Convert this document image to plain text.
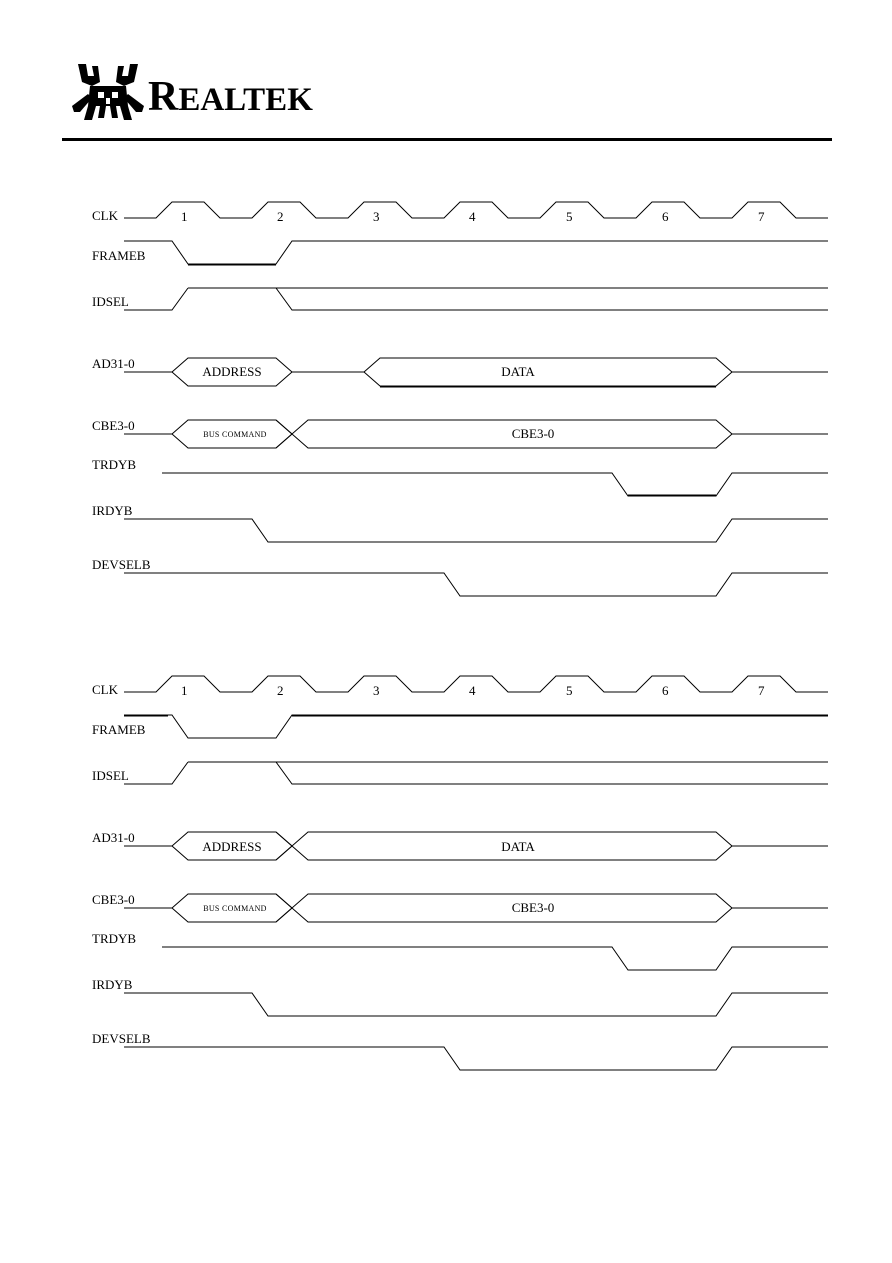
REALTEK
CLK
FRAMEB
IDSEL
AD31-0
CBE3-0
TRDYB
IRDYB
DEVSELB
1	2	3	4	5	6	7
ADDRESS	DATA
BUS COMMAND	CBE3-0
CLK
FRAMEB
IDSEL
AD31-0
CBE3-0
TRDYB
IRDYB
DEVSELB
1	2	3	4	5	6	7
ADDRESS	DATA
BUS COMMAND	CBE3-0
